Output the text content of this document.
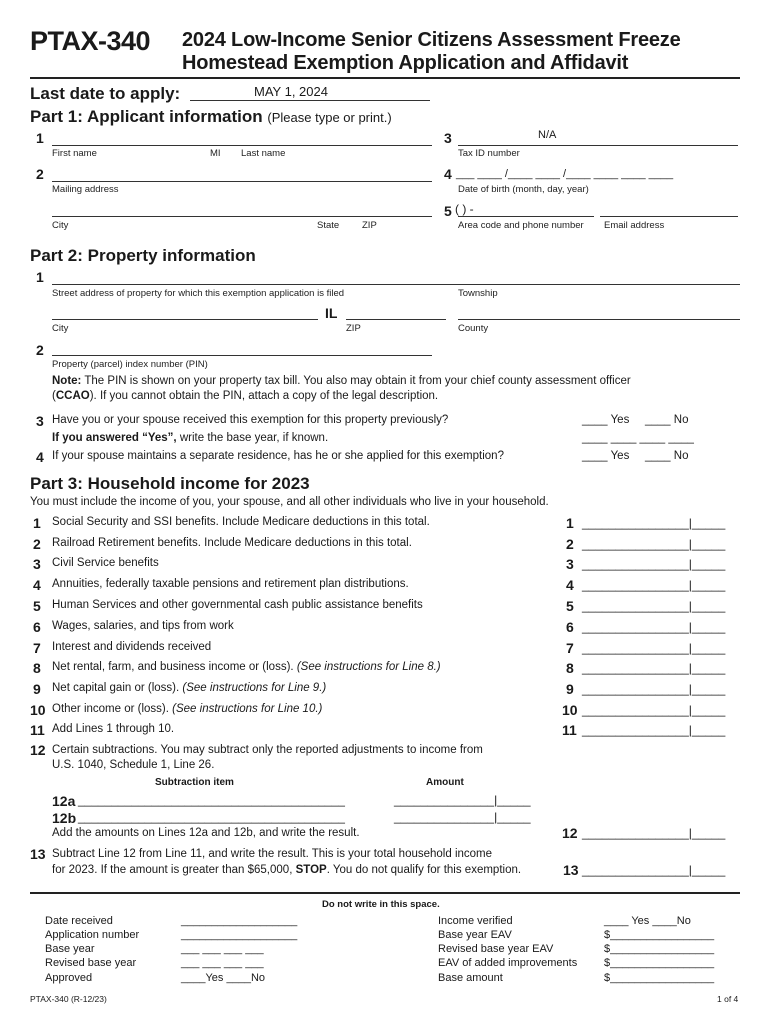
PTAX-340 2024 Low-Income Senior Citizens Assessment Freeze
Homestead Exemption Application and Affidavit
Last date to apply:	MAY 1, 2024
Part 1: Applicant information (Please type or print.)
1
First name	MI Last name
3	N/A
Tax ID number
2
Mailing address
4 ___ ____ /____ ____ /____ ____ ____ ____
Date of birth (month, day, year)
City	State ZIP
5 ( ) -
Area code and phone number Email address
Part 2: Property information
1
Street address of property for which this exemption application is filed	Township
IL
City	ZIP	County
2
Property (parcel) index number (PIN)
Note: The PIN is shown on your property tax bill. You also may obtain it from your chief county assessment officer
(CCAO). If you cannot obtain the PIN, attach a copy of the legal description.
3 Have you or your spouse received this exemption for this property previously?	____ Yes ____ No
If you answered “Yes”, write the base year, if known.	____ ____ ____ ____
4 If your spouse maintains a separate residence, has he or she applied for this exemption?	____ Yes ____ No
Part 3: Household income for 2023
You must include the income of you, your spouse, and all other individuals who live in your household.
1 Social Security and SSI benefits. Include Medicare deductions in this total.	1 ________________|_____
2 Railroad Retirement benefits. Include Medicare deductions in this total.	2 ________________|_____
3 Civil Service benefits	3 ________________|_____
4 Annuities, federally taxable pensions and retirement plan distributions.	4 ________________|_____
5 Human Services and other governmental cash public assistance benefits	5 ________________|_____
6 Wages, salaries, and tips from work	6 ________________|_____
7 Interest and dividends received	7 ________________|_____
8 Net rental, farm, and business income or (loss). (See instructions for Line 8.)	8 ________________|_____
9 Net capital gain or (loss). (See instructions for Line 9.)	9 ________________|_____
10 Other income or (loss). (See instructions for Line 10.)	10 ________________|_____
11 Add Lines 1 through 10.	11 ________________|_____
12 Certain subtractions. You may subtract only the reported adjustments to income from
U.S. 1040, Schedule 1, Line 26.
Subtraction item	Amount
12a ________________________________________	_______________|_____
12b ________________________________________	_______________|_____
Add the amounts on Lines 12a and 12b, and write the result.	12 ________________|_____
13 Subtract Line 12 from Line 11, and write the result. This is your total household income
for 2023. If the amount is greater than $65,000, STOP. You do not qualify for this exemption.	13 ________________|_____
Do not write in this space.
Date received	___________________
Application number	___________________
Base year	___ ___ ___ ___
Revised base year	___ ___ ___ ___
Approved	____Yes ____No
Income verified	____ Yes ____No
Base year EAV	$_________________
Revised base year EAV	$_________________
EAV of added improvements $_________________
Base amount	$_________________
PTAX-340 (R-12/23)	1 of 4
